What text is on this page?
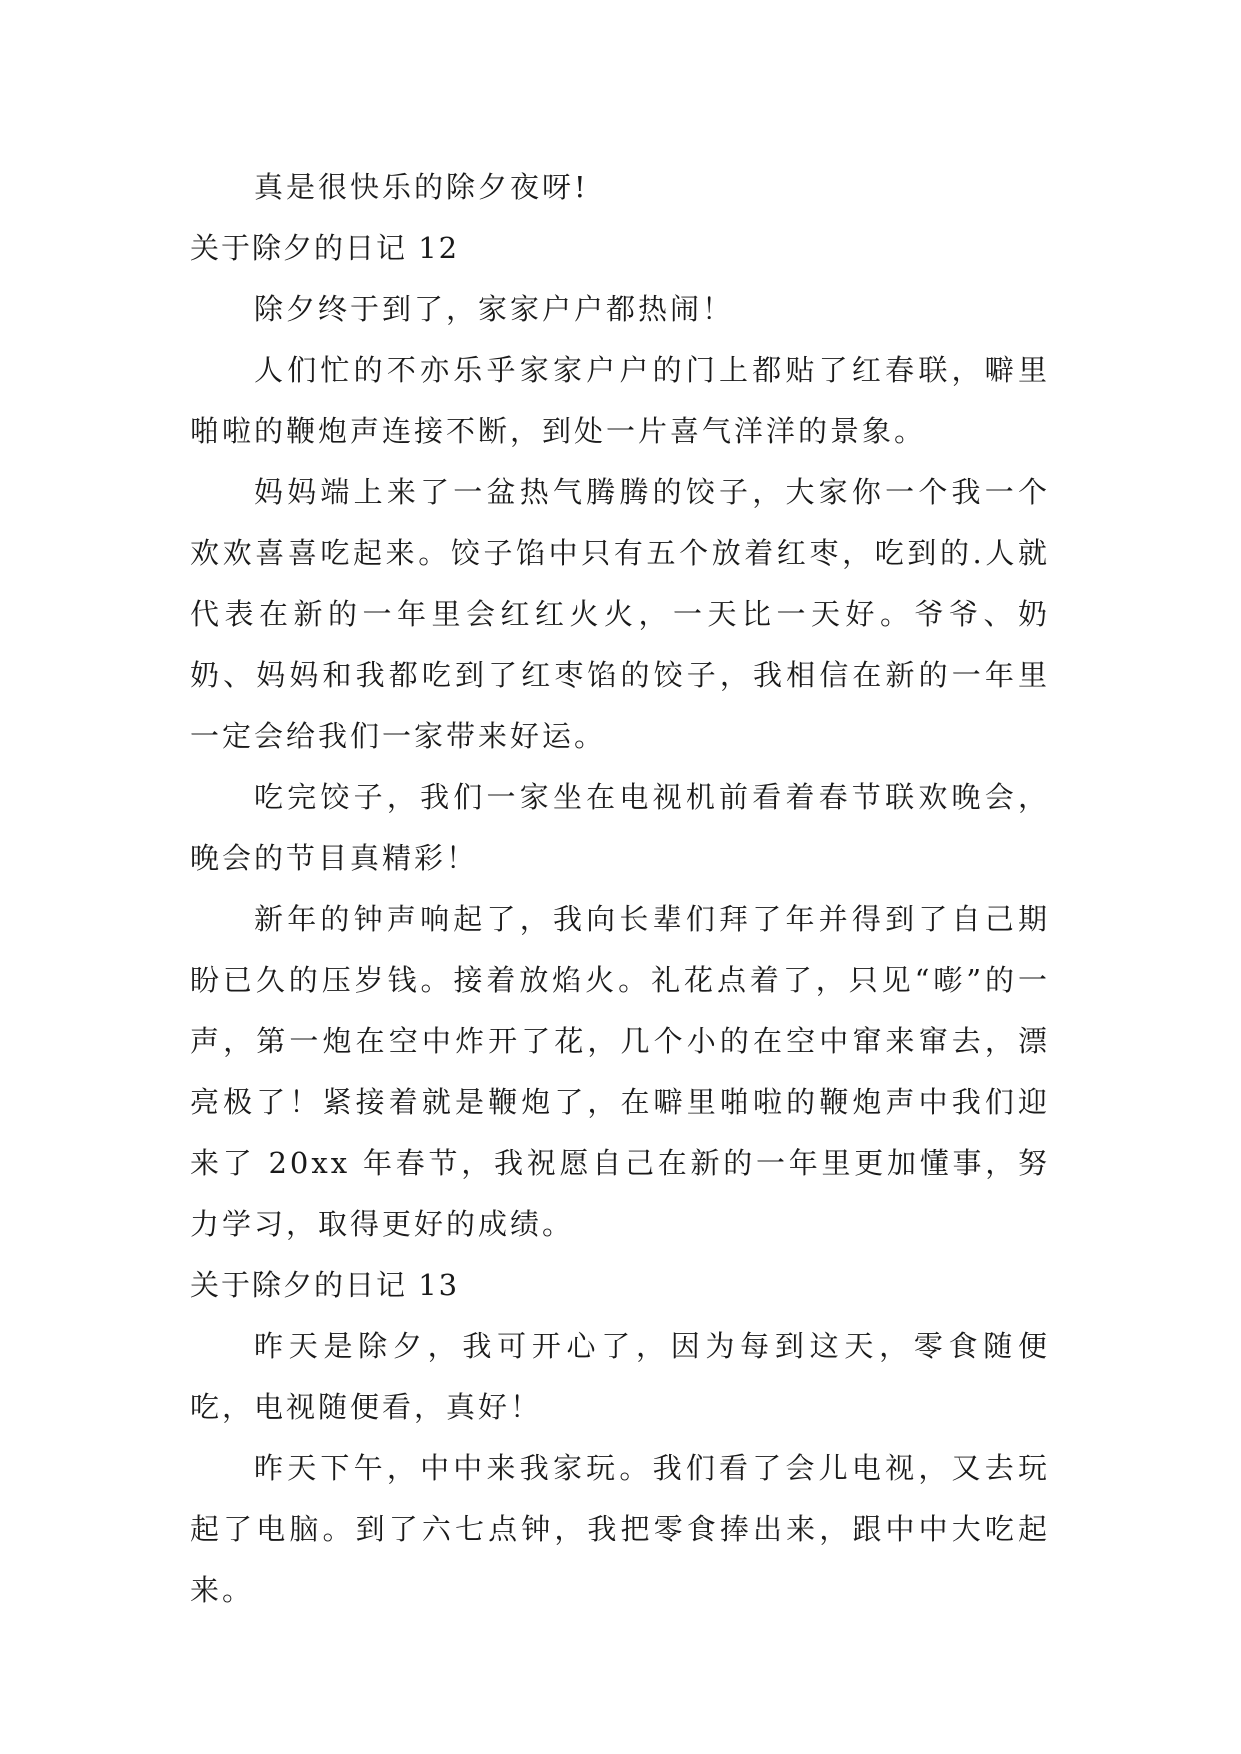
真是很快乐的除夕夜呀!

关于除夕的日记 12

除夕终于到了，家家户户都热闹！

人们忙的不亦乐乎家家户户的门上都贴了红春联，噼里啪啦的鞭炮声连接不断，到处一片喜气洋洋的景象。

妈妈端上来了一盆热气腾腾的饺子，大家你一个我一个欢欢喜喜吃起来。饺子馅中只有五个放着红枣，吃到的.人就代表在新的一年里会红红火火，一天比一天好。爷爷、奶奶、妈妈和我都吃到了红枣馅的饺子，我相信在新的一年里一定会给我们一家带来好运。

吃完饺子，我们一家坐在电视机前看着春节联欢晚会，晚会的节目真精彩！

新年的钟声响起了，我向长辈们拜了年并得到了自己期盼已久的压岁钱。接着放焰火。礼花点着了，只见“嘭”的一声，第一炮在空中炸开了花，几个小的在空中窜来窜去，漂亮极了！紧接着就是鞭炮了，在噼里啪啦的鞭炮声中我们迎来了 20xx 年春节，我祝愿自己在新的一年里更加懂事，努力学习，取得更好的成绩。

关于除夕的日记 13

昨天是除夕，我可开心了，因为每到这天，零食随便吃，电视随便看，真好！

昨天下午，中中来我家玩。我们看了会儿电视，又去玩起了电脑。到了六七点钟，我把零食捧出来，跟中中大吃起来。
